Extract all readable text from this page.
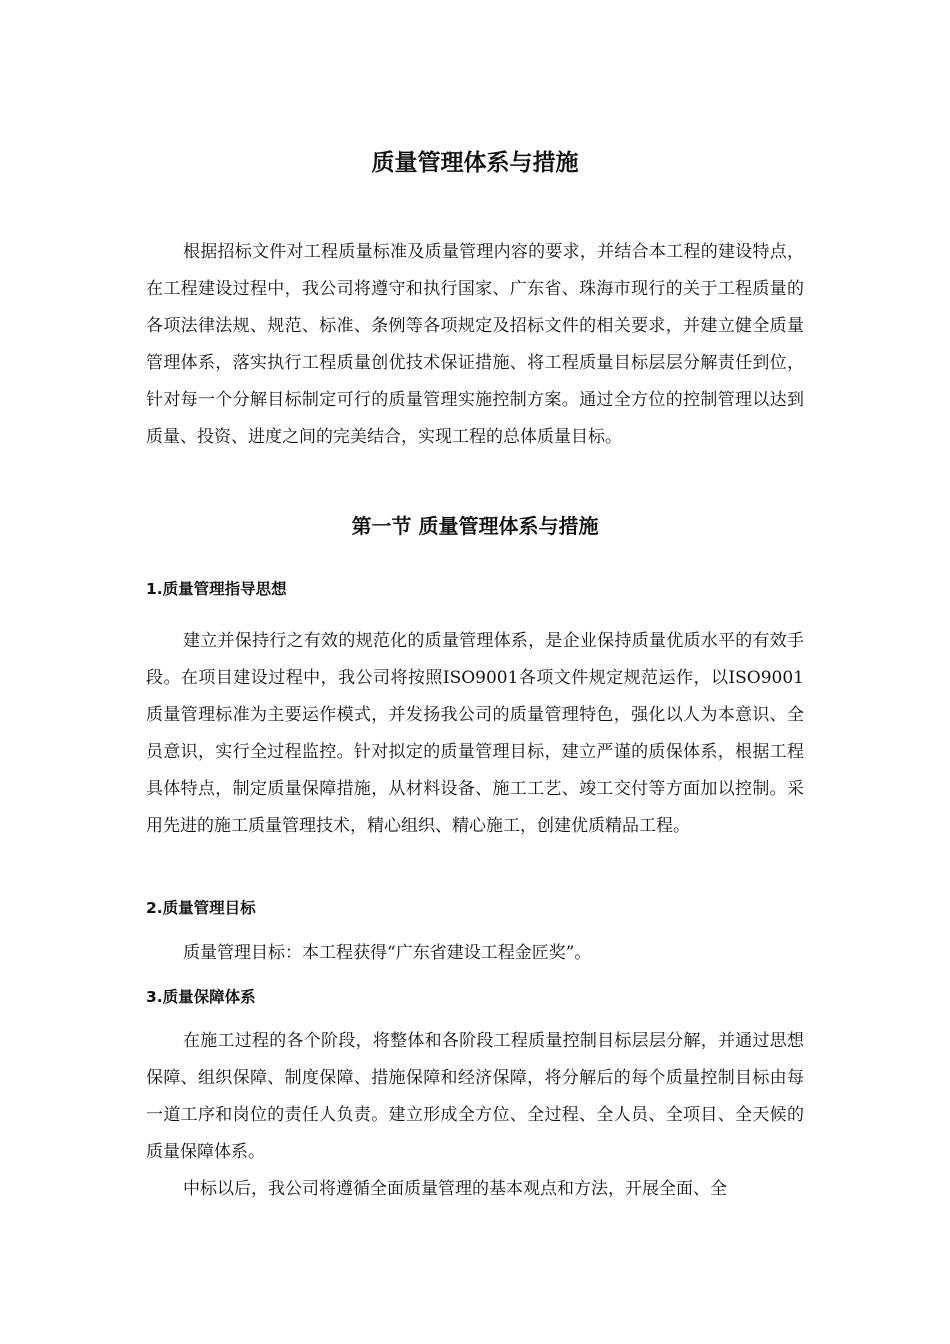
质量管理体系与措施

根据招标文件对工程质量标准及质量管理内容的要求，并结合本工程的建设特点，在工程建设过程中，我公司将遵守和执行国家、广东省、珠海市现行的关于工程质量的各项法律法规、规范、标准、条例等各项规定及招标文件的相关要求，并建立健全质量管理体系，落实执行工程质量创优技术保证措施、将工程质量目标层层分解责任到位，针对每一个分解目标制定可行的质量管理实施控制方案。通过全方位的控制管理以达到质量、投资、进度之间的完美结合，实现工程的总体质量目标。

第一节 质量管理体系与措施
1.质量管理指导思想

建立并保持行之有效的规范化的质量管理体系，是企业保持质量优质水平的有效手段。在项目建设过程中，我公司将按照ISO9001各项文件规定规范运作，以ISO9001质量管理标准为主要运作模式，并发扬我公司的质量管理特色，强化以人为本意识、全员意识，实行全过程监控。针对拟定的质量管理目标，建立严谨的质保体系，根据工程具体特点，制定质量保障措施，从材料设备、施工工艺、竣工交付等方面加以控制。采用先进的施工质量管理技术，精心组织、精心施工，创建优质精品工程。

2.质量管理目标

质量管理目标：本工程获得“广东省建设工程金匠奖”。

3.质量保障体系

在施工过程的各个阶段，将整体和各阶段工程质量控制目标层层分解，并通过思想保障、组织保障、制度保障、措施保障和经济保障，将分解后的每个质量控制目标由每一道工序和岗位的责任人负责。建立形成全方位、全过程、全人员、全项目、全天候的质量保障体系。

中标以后，我公司将遵循全面质量管理的基本观点和方法，开展全面、全
